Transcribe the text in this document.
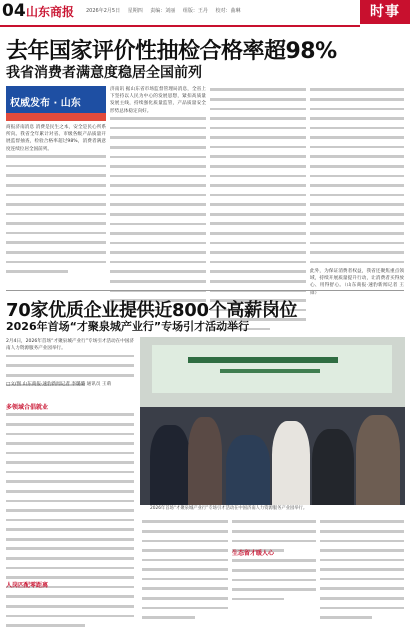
04 山东商报 2026年2月5日 星期四 责编：刘丽 组版：王丹 校对：曲琳	时事
去年国家评价性抽检合格率超98%
我省消费者满意度稳居全国前列
权威发布 · 山东
商报济南消息 消费是民生之本，安全是民心所系所向。我省全年累计对省、市级各级产品质量开展监督抽查，检验合格率超过98%，消费者满意度连续位居全国前列。
济南讯 据山东省市场监督管理局消息，全省上下坚持以人民为中心的发展思想，紧扣高质量发展主线，持续强化质量监管，产品质量安全形势总体稳定向好。
此外，为保证消费者权益，我省还聚焦重点领域，持续开展质量提升行动，让消费者买得放心、用得舒心。（山东商报·速豹新闻记者 王锋）
70家优质企业提供近800个高薪岗位
2026年首场“才聚泉城产业行”专场引才活动举行
2月4日，2026年首场“才聚泉城产业行”专场引才活动在中国济南人力资源服务产业园举行。
□文/图 山东商报·速豹新闻记者 李璐璐 通讯员 王萌
多领域合倡就业
人岗匹配零距离
2026年首场“才聚泉城产业行”专场引才活动在中国济南人力资源服务产业园举行。
生态留才暖人心
